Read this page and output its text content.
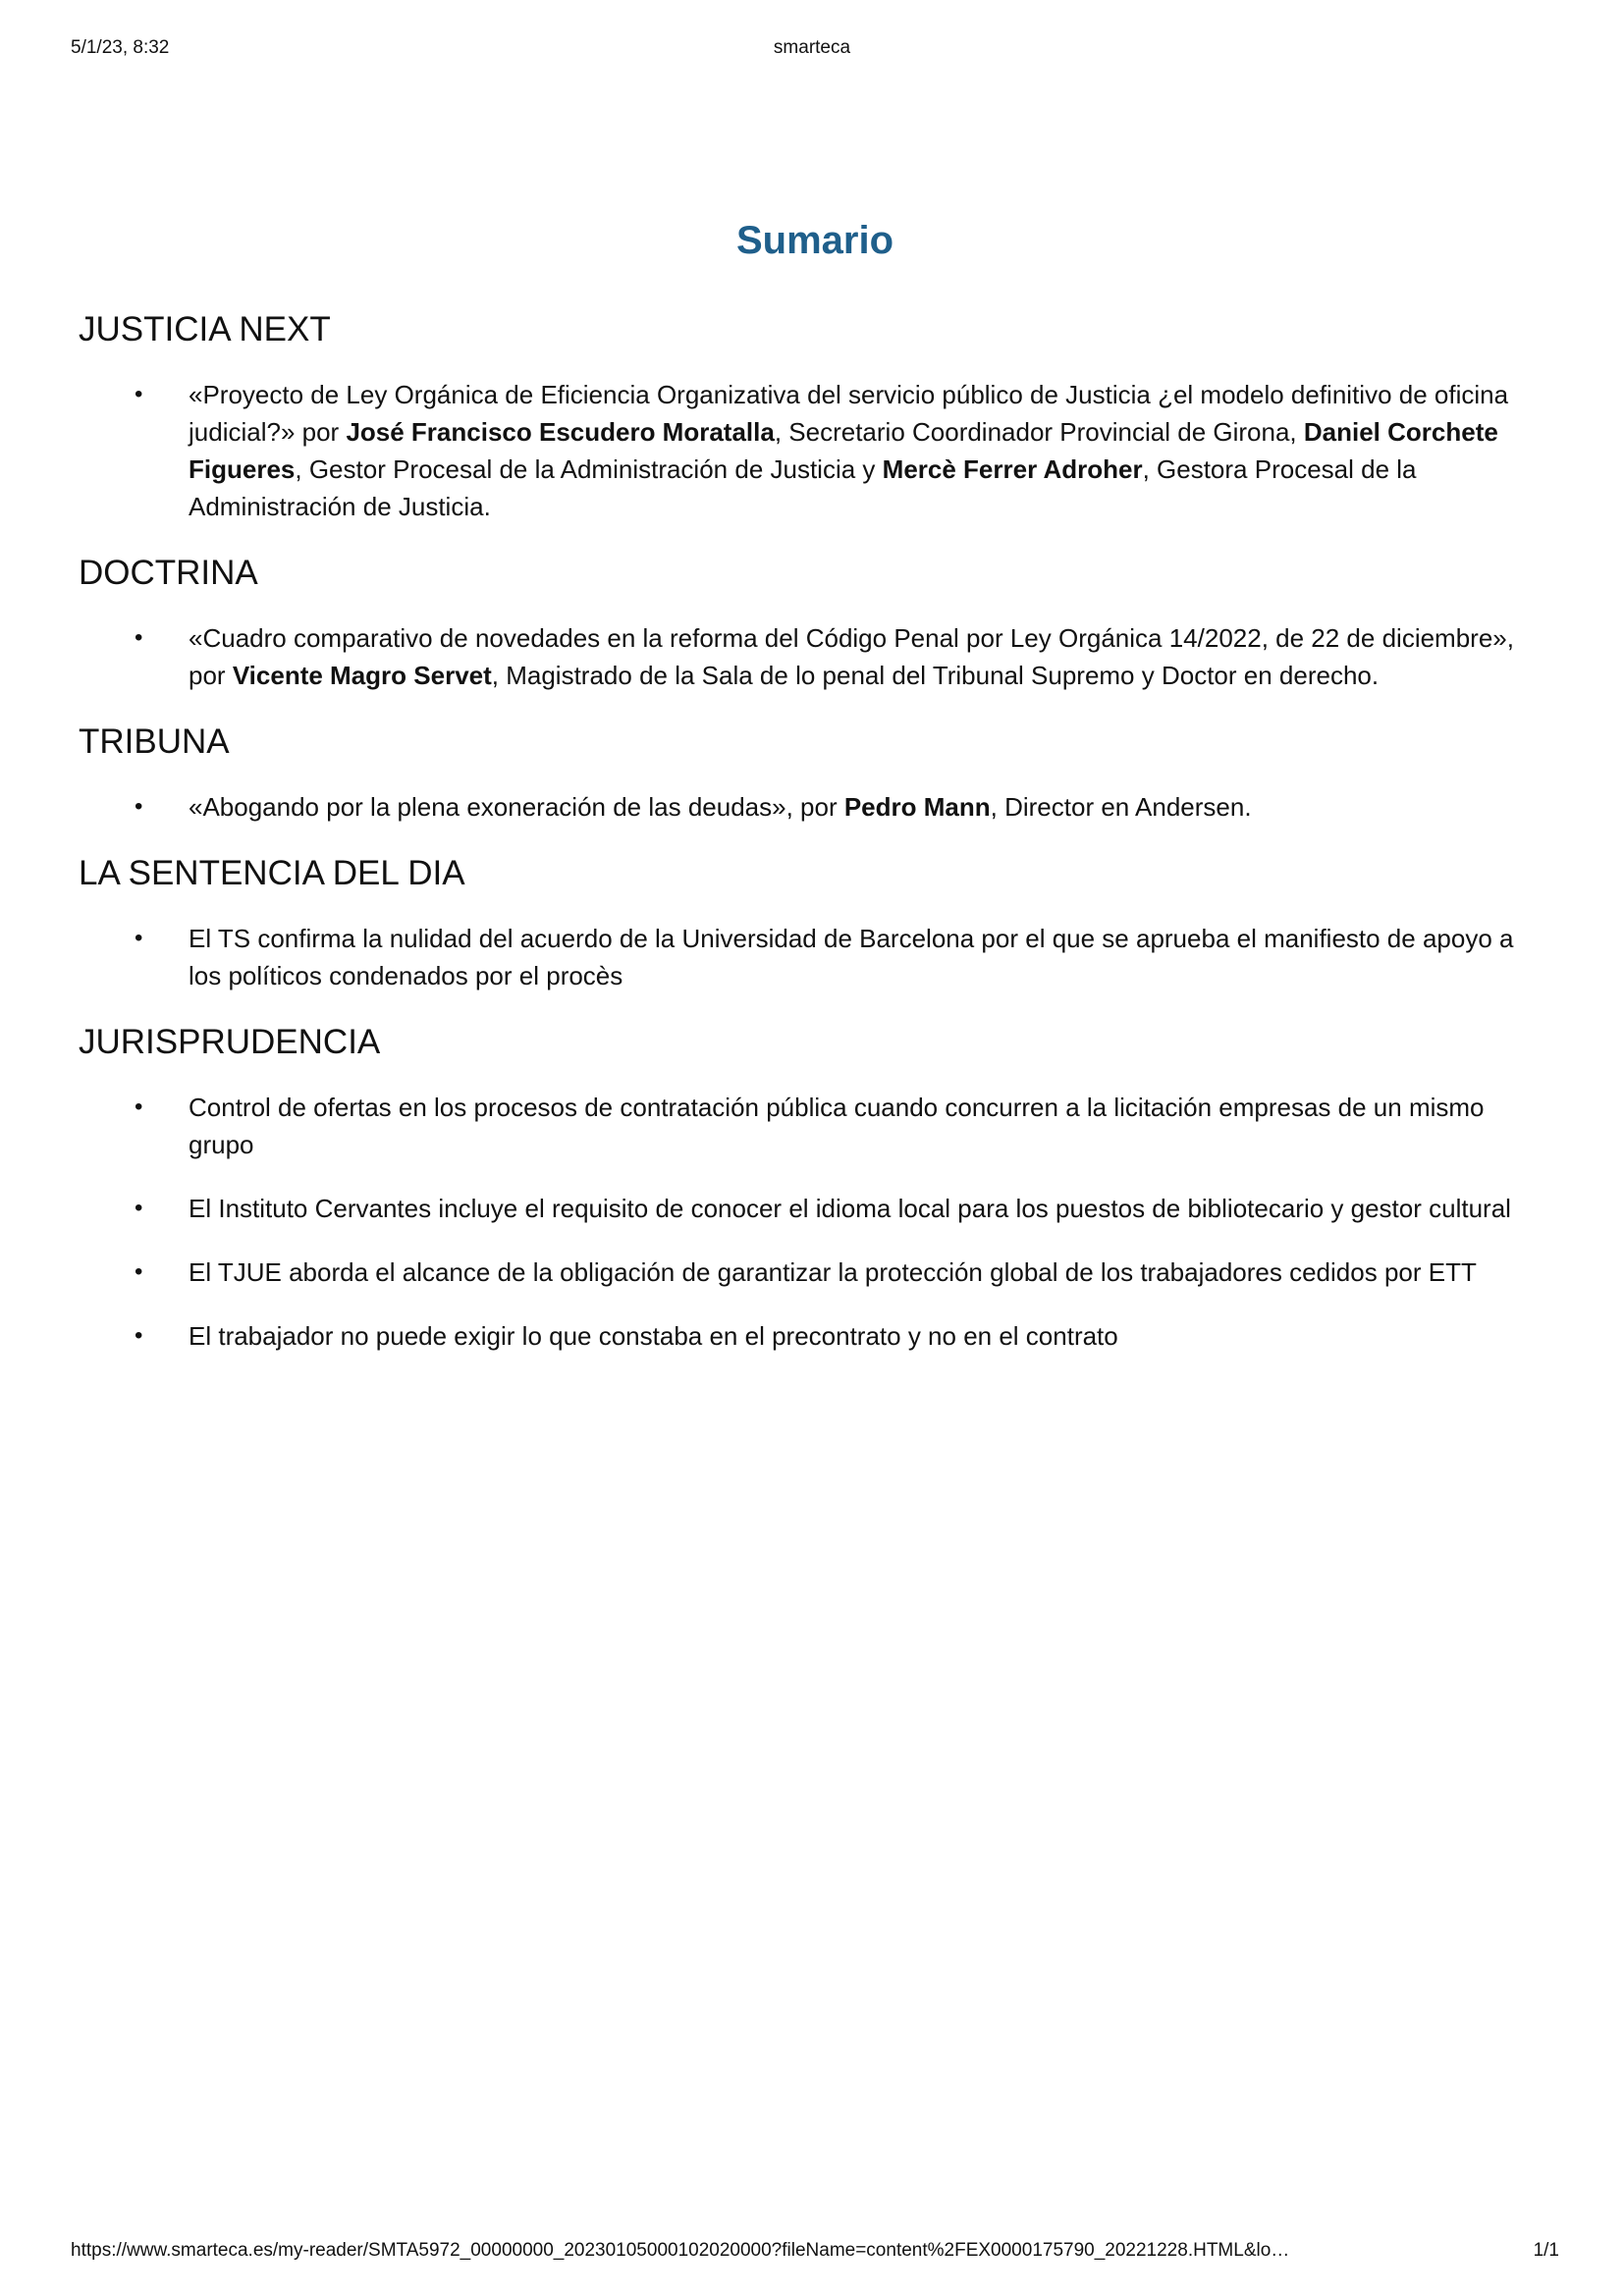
5/1/23, 8:32	smarteca
Sumario
JUSTICIA NEXT
• «Proyecto de Ley Orgánica de Eficiencia Organizativa del servicio público de Justicia ¿el modelo definitivo de oficina judicial?» por José Francisco Escudero Moratalla, Secretario Coordinador Provincial de Girona, Daniel Corchete Figueres, Gestor Procesal de la Administración de Justicia y Mercè Ferrer Adroher, Gestora Procesal de la Administración de Justicia.
DOCTRINA
• «Cuadro comparativo de novedades en la reforma del Código Penal por Ley Orgánica 14/2022, de 22 de diciembre», por Vicente Magro Servet, Magistrado de la Sala de lo penal del Tribunal Supremo y Doctor en derecho.
TRIBUNA
• «Abogando por la plena exoneración de las deudas», por Pedro Mann, Director en Andersen.
LA SENTENCIA DEL DIA
• El TS confirma la nulidad del acuerdo de la Universidad de Barcelona por el que se aprueba el manifiesto de apoyo a los políticos condenados por el procès
JURISPRUDENCIA
• Control de ofertas en los procesos de contratación pública cuando concurren a la licitación empresas de un mismo grupo
• El Instituto Cervantes incluye el requisito de conocer el idioma local para los puestos de bibliotecario y gestor cultural
• El TJUE aborda el alcance de la obligación de garantizar la protección global de los trabajadores cedidos por ETT
• El trabajador no puede exigir lo que constaba en el precontrato y no en el contrato
https://www.smarteca.es/my-reader/SMTA5972_00000000_20230105000102020000?fileName=content%2FEX0000175790_20221228.HTML&lo…	1/1
